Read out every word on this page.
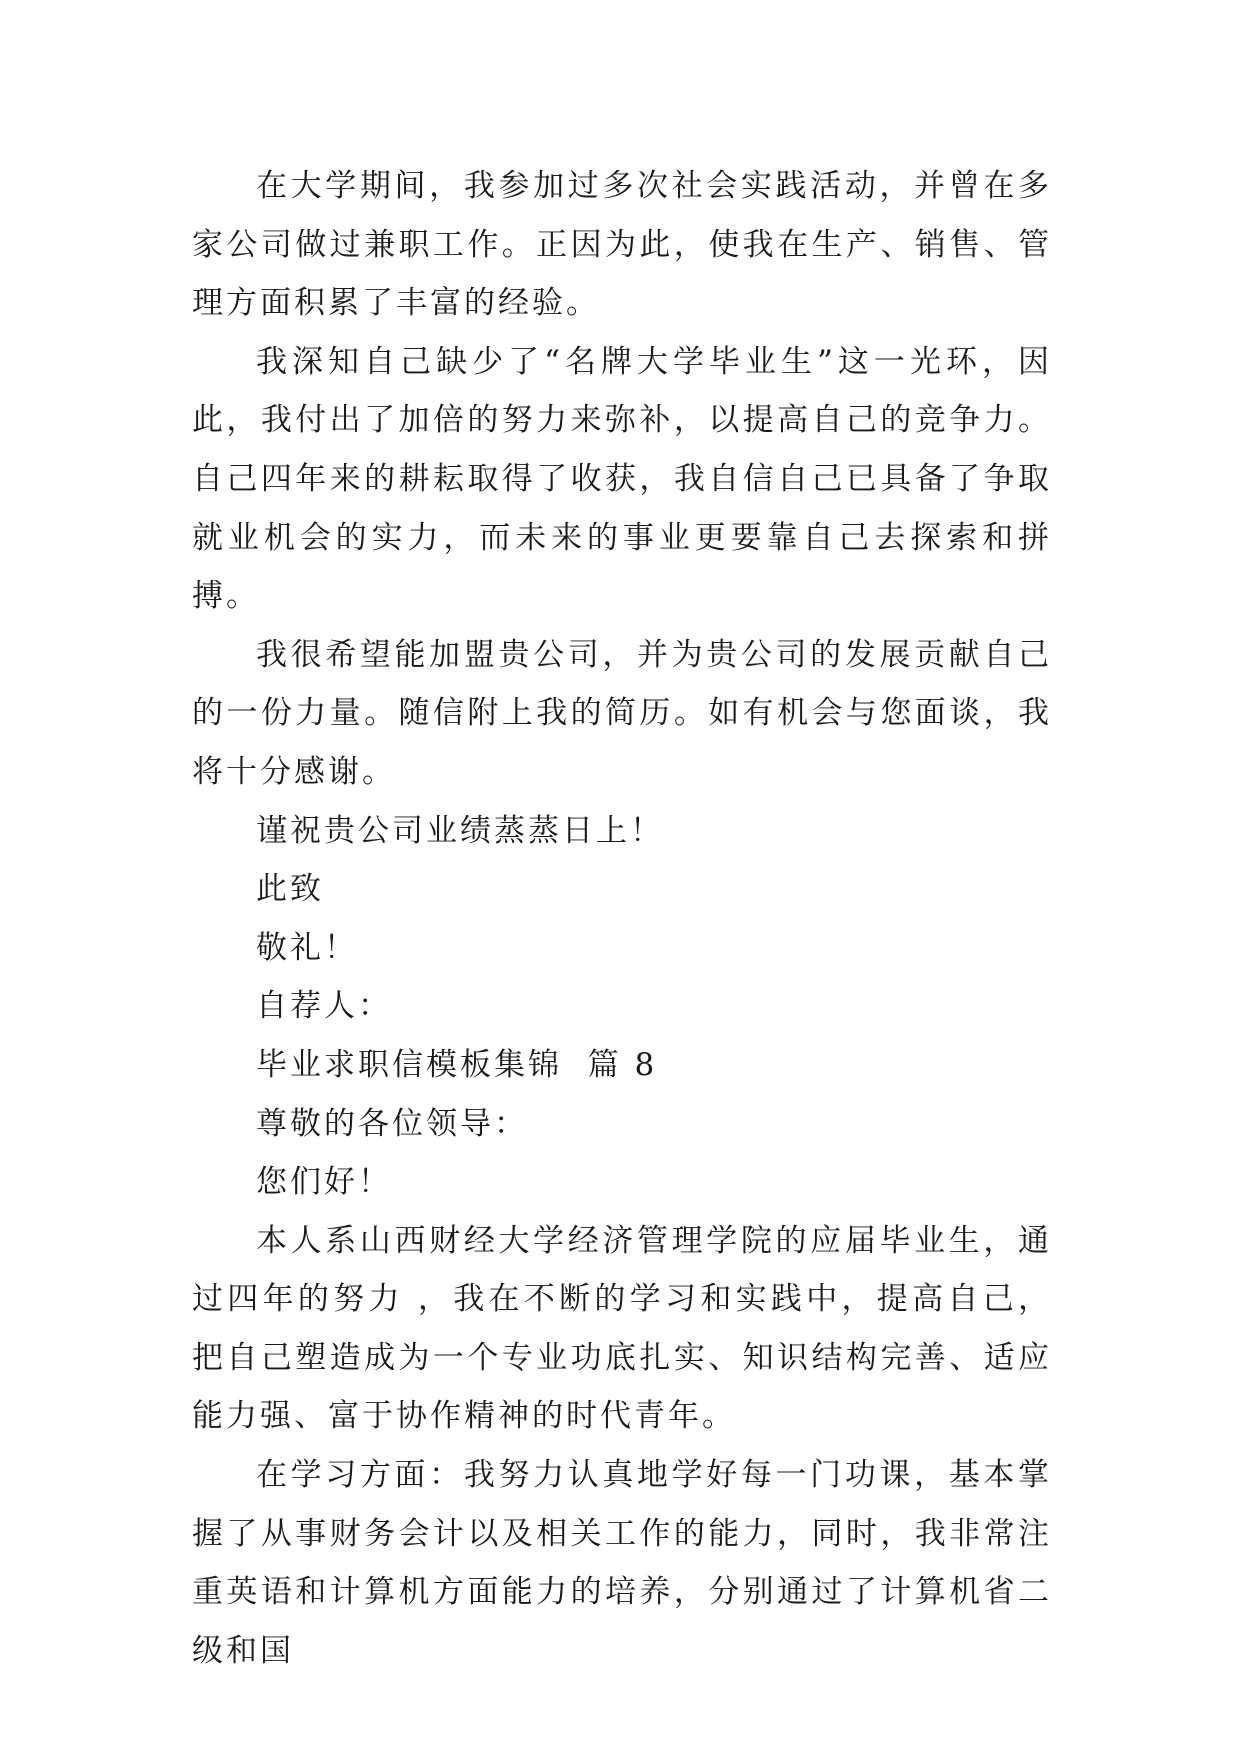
在大学期间，我参加过多次社会实践活动，并曾在多家公司做过兼职工作。正因为此，使我在生产、销售、管理方面积累了丰富的经验。

我深知自己缺少了“名牌大学毕业生”这一光环，因此，我付出了加倍的努力来弥补，以提高自己的竞争力。自己四年来的耕耘取得了收获，我自信自己已具备了争取就业机会的实力，而未来的事业更要靠自己去探索和拼搏。

我很希望能加盟贵公司，并为贵公司的发展贡献自己的一份力量。随信附上我的简历。如有机会与您面谈，我将十分感谢。

谨祝贵公司业绩蒸蒸日上！

此致

敬礼！

自荐人：

毕业求职信模板集锦  篇 8

尊敬的各位领导：

您们好！

本人系山西财经大学经济管理学院的应届毕业生，通过四年的努力 ，我在不断的学习和实践中，提高自己，把自己塑造成为一个专业功底扎实、知识结构完善、适应能力强、富于协作精神的时代青年。

在学习方面：我努力认真地学好每一门功课，基本掌握了从事财务会计以及相关工作的能力，同时，我非常注重英语和计算机方面能力的培养，分别通过了计算机省二级和国
